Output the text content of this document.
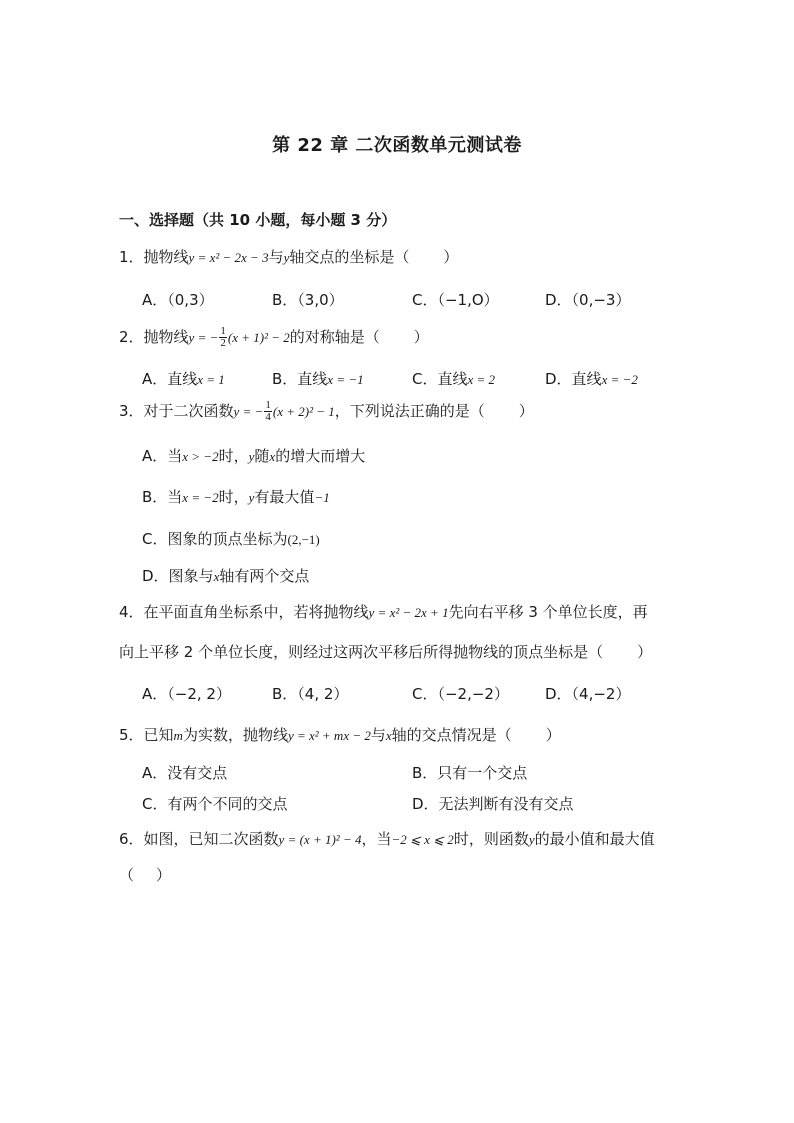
第 22 章 二次函数单元测试卷
一、选择题（共 10 小题，每小题 3 分）
1．抛物线y = x² − 2x − 3与y轴交点的坐标是（ ）
A．（0,3）	B．（3,0）	C．（−1,O）	D．（0,−3）
2．抛物线y = − $\frac{1}{2} (x + 1)^2 - 2$的对称轴是（ ）
A．直线x = 1	B．直线x = −1	C．直线x = 2	D．直线x = −2
3．对于二次函数y = − $\frac{1}{4} (x + 2)^2 - 1$，下列说法正确的是（ ）
A．当x > −2时，y随x的增大而增大
B．当x = −2时，y有最大值−1
C．图象的顶点坐标为(2,−1)
D．图象与x轴有两个交点
4．在平面直角坐标系中，若将抛物线y = x² − 2x + 1先向右平移 3 个单位长度，再
向上平移 2 个单位长度，则经过这两次平移后所得抛物线的顶点坐标是（ ）
A．（−2, 2）	B．（4, 2）	C．（−2,−2） D．（4,−2）
5．已知m为实数，抛物线y = x² + mx − 2与x轴的交点情况是（ ）
A．没有交点	B．只有一个交点
C．有两个不同的交点	D．无法判断有没有交点
6．如图，已知二次函数y = (x + 1)² − 4，当−2 ⩽ x ⩽ 2时，则函数y的最小值和最大值
（ ）
